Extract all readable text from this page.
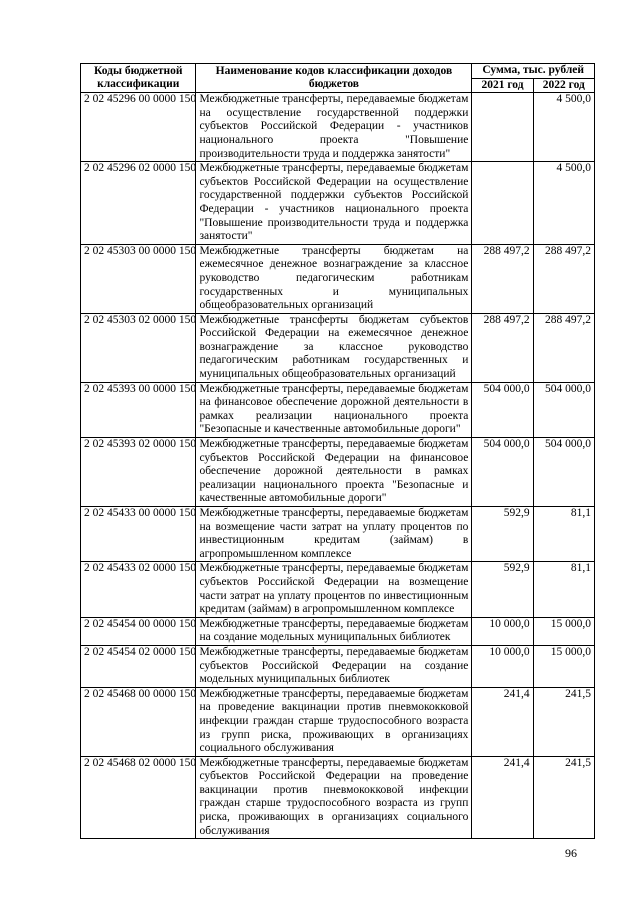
Коды бюджетной классификации	Наименование кодов классификации доходов бюджетов	Сумма, тыс. рублей	
		2021 год	2022 год
2 02 45296 00 0000 150	Межбюджетные трансферты, передаваемые бюджетам на осуществление государственной поддержки субъектов Российской Федерации - участников национального проекта "Повышение производительности труда и поддержка занятости"		4 500,0
2 02 45296 02 0000 150	Межбюджетные трансферты, передаваемые бюджетам субъектов Российской Федерации на осуществление государственной поддержки субъектов Российской Федерации - участников национального проекта "Повышение производительности труда и поддержка занятости"		4 500,0
2 02 45303 00 0000 150	Межбюджетные трансферты бюджетам на ежемесячное денежное вознаграждение за классное руководство педагогическим работникам государственных и муниципальных общеобразовательных организаций	288 497,2	288 497,2
2 02 45303 02 0000 150	Межбюджетные трансферты бюджетам субъектов Российской Федерации на ежемесячное денежное вознаграждение за классное руководство педагогическим работникам государственных и муниципальных общеобразовательных организаций	288 497,2	288 497,2
2 02 45393 00 0000 150	Межбюджетные трансферты, передаваемые бюджетам на финансовое обеспечение дорожной деятельности в рамках реализации национального проекта "Безопасные и качественные автомобильные дороги"	504 000,0	504 000,0
2 02 45393 02 0000 150	Межбюджетные трансферты, передаваемые бюджетам субъектов Российской Федерации на финансовое обеспечение дорожной деятельности в рамках реализации национального проекта "Безопасные и качественные автомобильные дороги"	504 000,0	504 000,0
2 02 45433 00 0000 150	Межбюджетные трансферты, передаваемые бюджетам на возмещение части затрат на уплату процентов по инвестиционным кредитам (займам) в агропромышленном комплексе	592,9	81,1
2 02 45433 02 0000 150	Межбюджетные трансферты, передаваемые бюджетам субъектов Российской Федерации на возмещение части затрат на уплату процентов по инвестиционным кредитам (займам) в агропромышленном комплексе	592,9	81,1
2 02 45454 00 0000 150	Межбюджетные трансферты, передаваемые бюджетам на создание модельных муниципальных библиотек	10 000,0	15 000,0
2 02 45454 02 0000 150	Межбюджетные трансферты, передаваемые бюджетам субъектов Российской Федерации на создание модельных муниципальных библиотек	10 000,0	15 000,0
2 02 45468 00 0000 150	Межбюджетные трансферты, передаваемые бюджетам на проведение вакцинации против пневмококковой инфекции граждан старше трудоспособного возраста из групп риска, проживающих в организациях социального обслуживания	241,4	241,5
2 02 45468 02 0000 150	Межбюджетные трансферты, передаваемые бюджетам субъектов Российской Федерации на проведение вакцинации против пневмококковой инфекции граждан старше трудоспособного возраста из групп риска, проживающих в организациях социального обслуживания	241,4	241,5
96
